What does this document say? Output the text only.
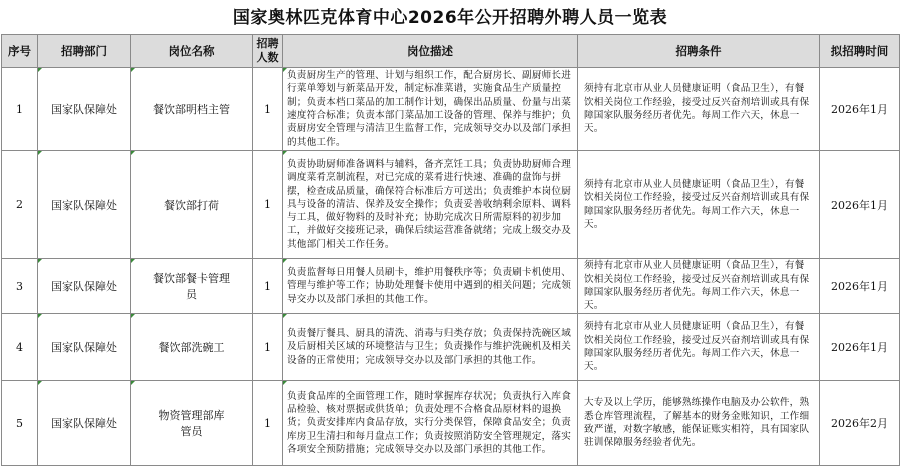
国家奥林匹克体育中心2026年公开招聘外聘人员一览表
序号	招聘部门	岗位名称	招聘人数	岗位描述	招聘条件	拟招聘时间
1	国家队保障处	餐饮部明档主管	1	负责厨房生产的管理、计划与组织工作，配合厨房长、副厨师长进行菜单筹划与新菜品开发，制定标准菜谱，实施食品生产质量控制；负责本档口菜品的加工制作计划，确保出品质量、份量与出菜速度符合标准；负责本部门菜品加工设备的管理、保养与维护；负责厨房安全管理与清洁卫生监督工作，完成领导交办以及部门承担的其他工作。	须持有北京市从业人员健康证明（食品卫生），有餐饮相关岗位工作经验，接受过反兴奋剂培训或具有保障国家队服务经历者优先。每周工作六天，休息一天。	2026年1月
2	国家队保障处	餐饮部打荷	1	负责协助厨师准备调料与辅料，备齐烹饪工具；负责协助厨师合理调度菜肴烹制流程，对已完成的菜肴进行快速、准确的盘饰与拼摆，检查成品质量，确保符合标准后方可送出；负责维护本岗位厨具与设备的清洁、保养及安全操作；负责妥善收纳剩余原料、调料与工具，做好物料的及时补充；协助完成次日所需原料的初步加工，并做好交接班记录，确保后续运营准备就绪；完成上级交办及其他部门相关工作任务。	须持有北京市从业人员健康证明（食品卫生），有餐饮相关岗位工作经验，接受过反兴奋剂培训或具有保障国家队服务经历者优先。每周工作六天，休息一天。	2026年1月
3	国家队保障处	餐饮部餐卡管理员	1	负责监督每日用餐人员刷卡，维护用餐秩序等；负责刷卡机使用、管理与维护等工作；协助处理餐卡使用中遇到的相关问题；完成领导交办以及部门承担的其他工作。	须持有北京市从业人员健康证明（食品卫生），有餐饮相关岗位工作经验，接受过反兴奋剂培训或具有保障国家队服务经历者优先。每周工作六天，休息一天。	2026年1月
4	国家队保障处	餐饮部洗碗工	1	负责餐厅餐具、厨具的清洗、消毒与归类存放；负责保持洗碗区域及后厨相关区域的环境整洁与卫生；负责操作与维护洗碗机及相关设备的正常使用；完成领导交办以及部门承担的其他工作。	须持有北京市从业人员健康证明（食品卫生），有餐饮相关岗位工作经验，接受过反兴奋剂培训或具有保障国家队服务经历者优先。每周工作六天，休息一天。	2026年1月
5	国家队保障处	物资管理部库管员	1	负责食品库的全面管理工作，随时掌握库存状况；负责执行入库食品检验、核对票据或供货单；负责处理不合格食品原材料的退换货；负责安排库内食品存放，实行分类保管，保障食品安全；负责库房卫生清扫和每月盘点工作；负责按照消防安全管理规定，落实各项安全预防措施；完成领导交办以及部门承担的其他工作。	大专及以上学历，能够熟练操作电脑及办公软件，熟悉仓库管理流程，了解基本的财务金账知识，工作细致严谨，对数字敏感，能保证账实相符，具有国家队驻训保障服务经验者优先。	2026年2月
